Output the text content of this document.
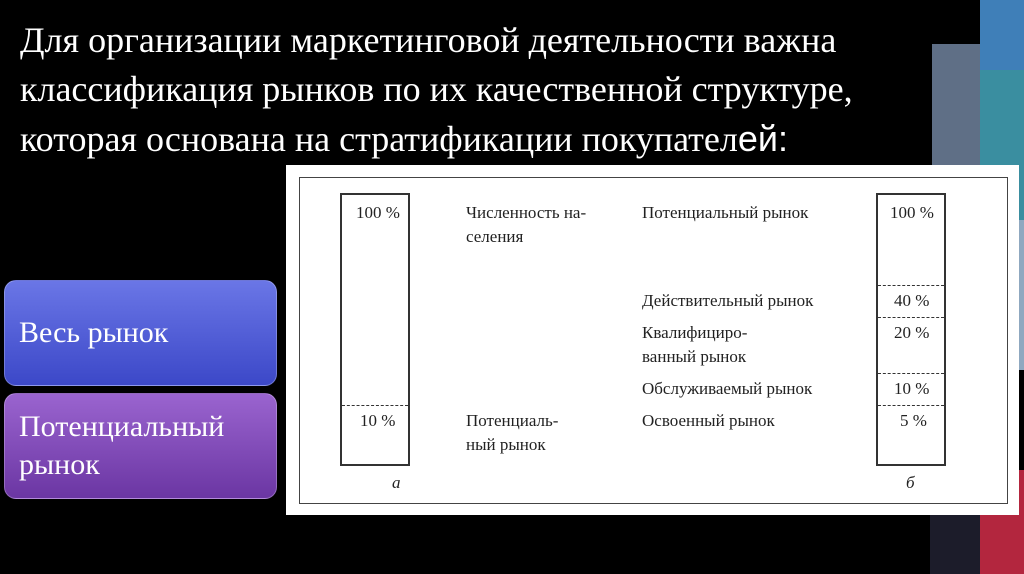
Для организации маркетинговой деятельности важна классификация рынков по их качественной структуре, которая основана на стратификации покупателей:
Весь рынок
Потенциальный рынок
100 %
10 %
а
Численность на-
селения
Потенциаль-
ный рынок
Потенциальный рынок
Действительный рынок
Квалифициро-
ванный рынок
Обслуживаемый рынок
Освоенный рынок
100 %
40 %
20 %
10 %
5 %
б
